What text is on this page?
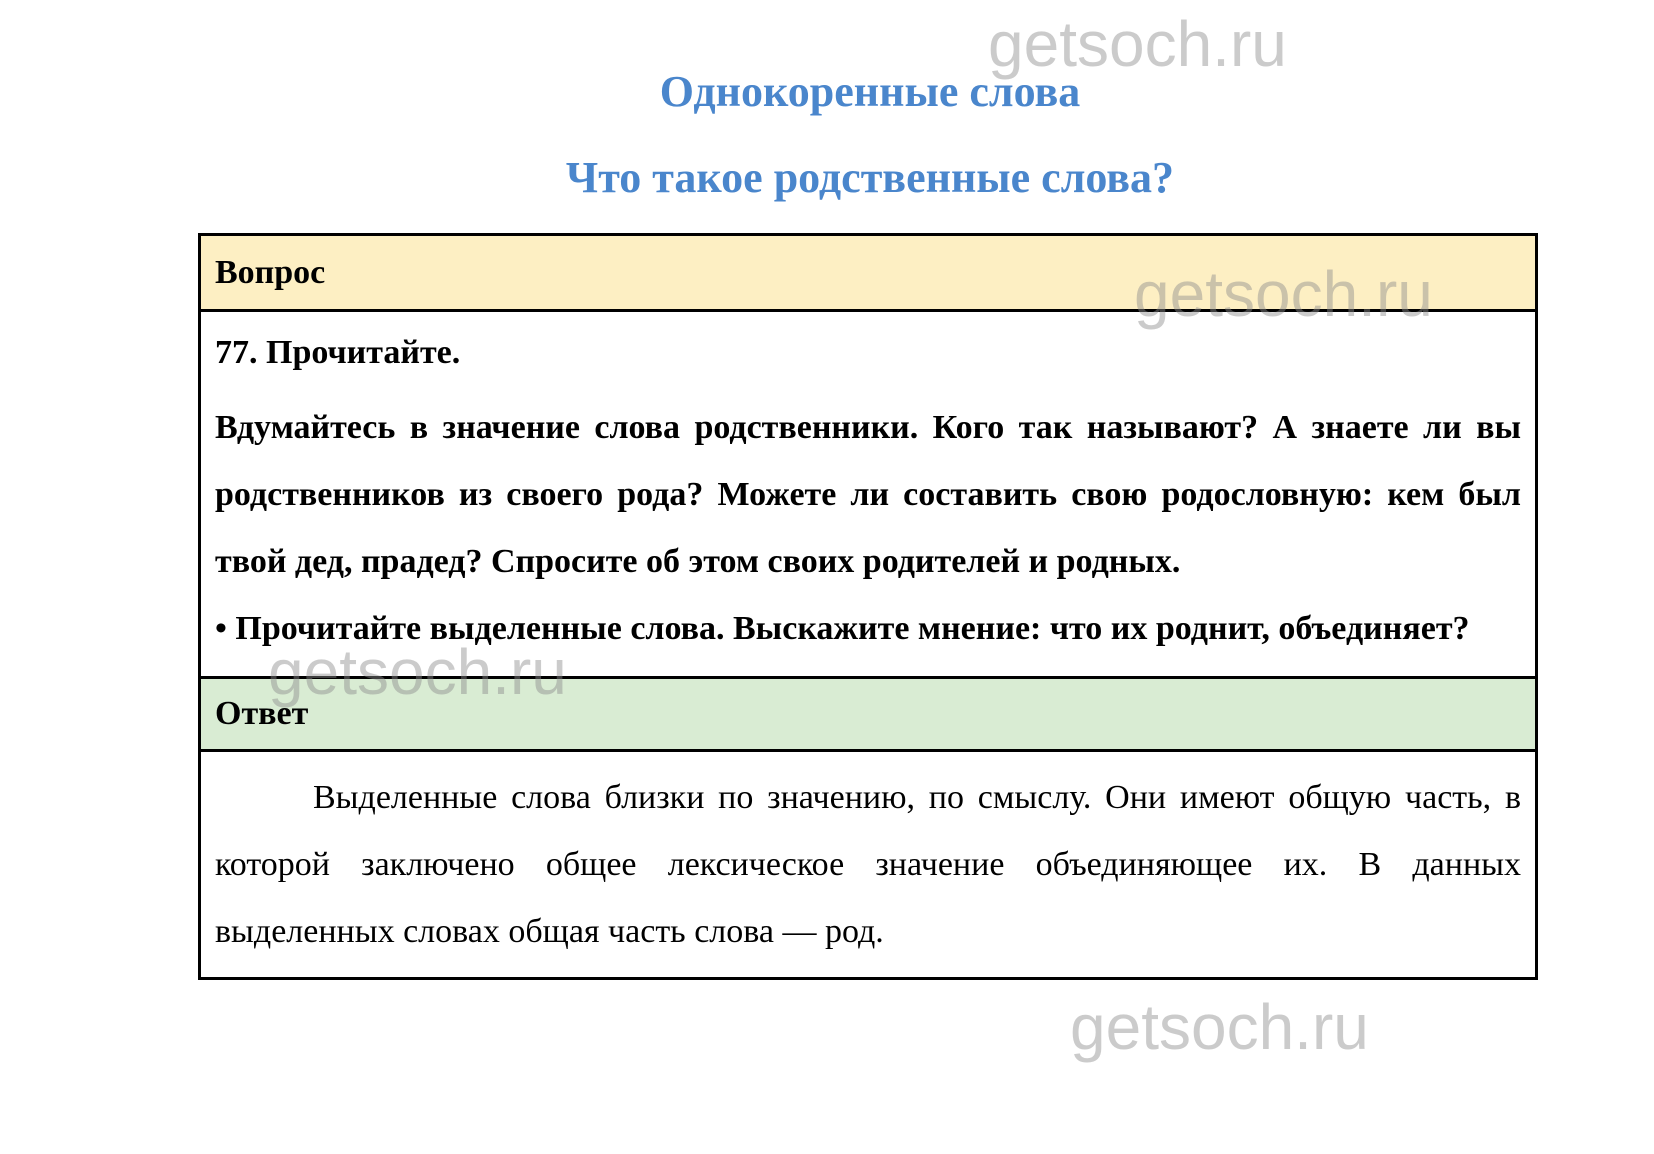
Однокоренные слова
Что такое родственные слова?
Вопрос

77. Прочитайте.

Вдумайтесь в значение слова родственники. Кого так называют? А знаете ли вы родственников из своего рода? Можете ли составить свою родословную: кем был твой дед, прадед? Спросите об этом своих родителей и родных.

• Прочитайте выделенные слова. Выскажите мнение: что их роднит, объединяет?

Ответ

Выделенные слова близки по значению, по смыслу. Они имеют общую часть, в которой заключено общее лексическое значение объединяющее их. В данных выделенных словах общая часть слова — род.

getsoch.ru
getsoch.ru
getsoch.ru
getsoch.ru
